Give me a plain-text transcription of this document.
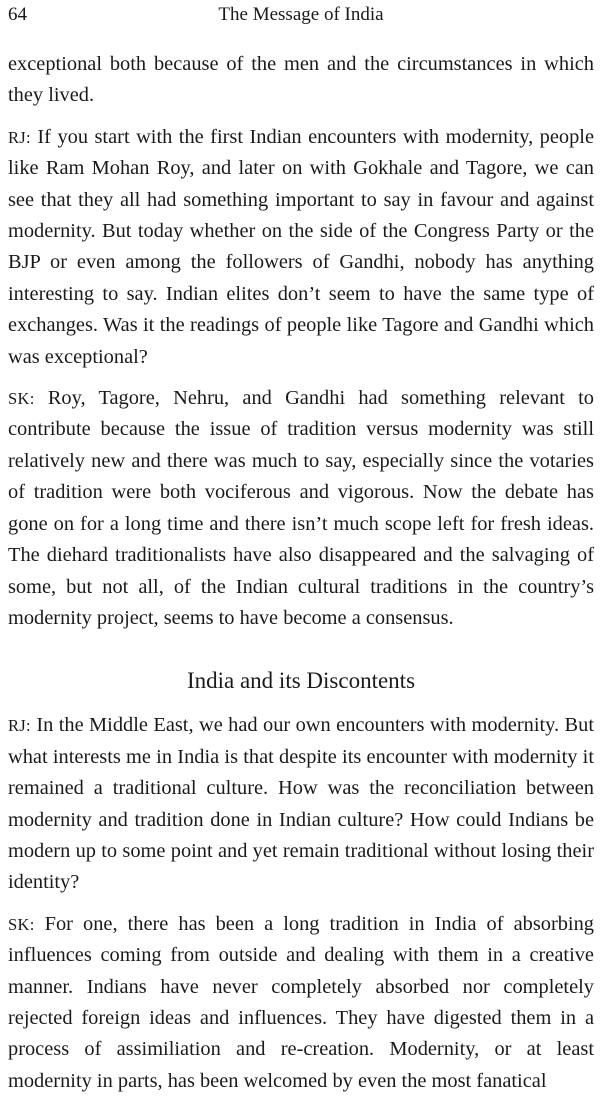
64	The Message of India

exceptional both because of the men and the circumstances in which they lived.

RJ: If you start with the first Indian encounters with modernity, people like Ram Mohan Roy, and later on with Gokhale and Tagore, we can see that they all had something important to say in favour and against modernity. But today whether on the side of the Congress Party or the BJP or even among the followers of Gandhi, nobody has anything interesting to say. Indian elites don’t seem to have the same type of exchanges. Was it the readings of people like Tagore and Gandhi which was exceptional?

SK: Roy, Tagore, Nehru, and Gandhi had something relevant to contribute because the issue of tradition versus modernity was still relatively new and there was much to say, especially since the votaries of tradition were both vociferous and vigorous. Now the debate has gone on for a long time and there isn’t much scope left for fresh ideas. The diehard traditionalists have also disappeared and the salvaging of some, but not all, of the Indian cultural traditions in the country’s modernity project, seems to have become a consensus.

India and its Discontents

RJ: In the Middle East, we had our own encounters with modernity. But what interests me in India is that despite its encounter with modernity it remained a traditional culture. How was the reconciliation between modernity and tradition done in Indian culture? How could Indians be modern up to some point and yet remain traditional without losing their identity?

SK: For one, there has been a long tradition in India of absorbing influences coming from outside and dealing with them in a creative manner. Indians have never completely absorbed nor completely rejected foreign ideas and influences. They have digested them in a process of assimiliation and re-creation. Modernity, or at least modernity in parts, has been welcomed by even the most fanatical
